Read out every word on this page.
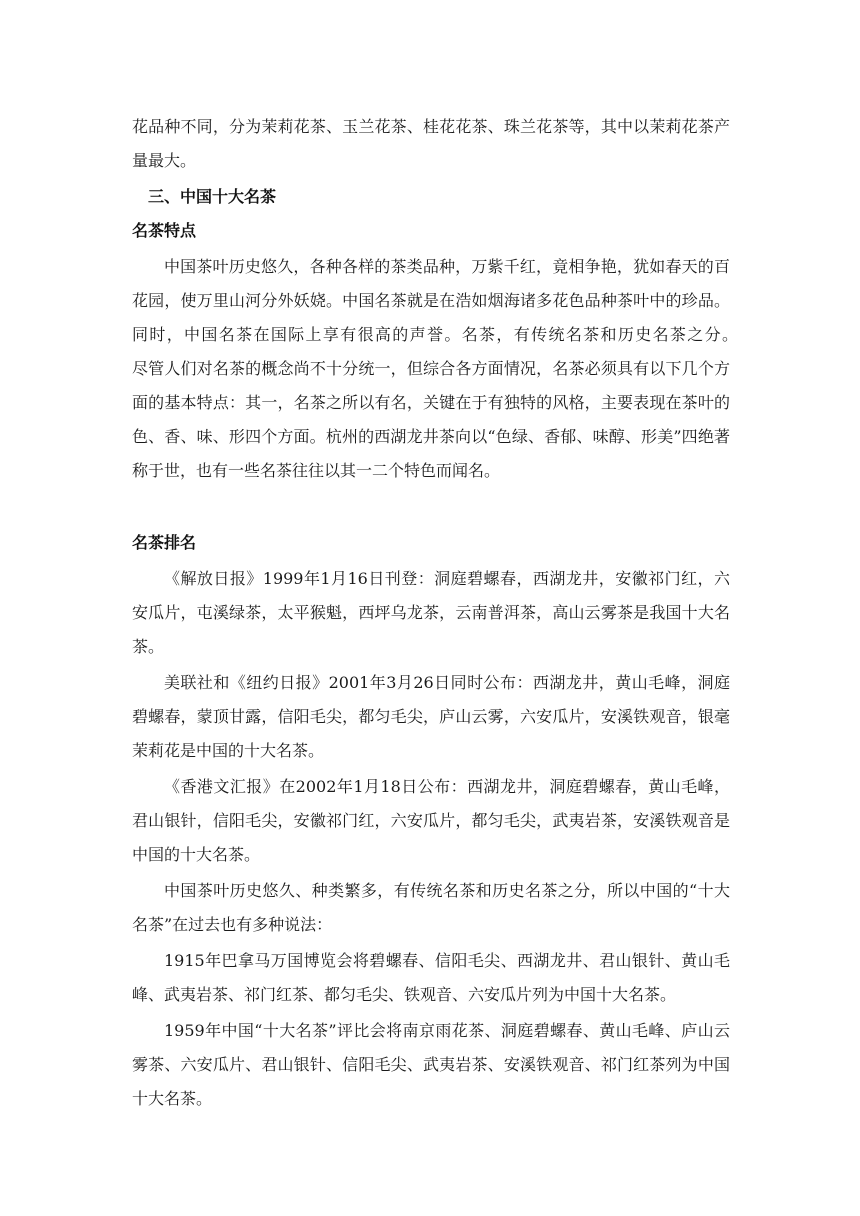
花品种不同，分为茉莉花茶、玉兰花茶、桂花花茶、珠兰花茶等，其中以茉莉花茶产量最大。
三、中国十大名茶
名茶特点
中国茶叶历史悠久，各种各样的茶类品种，万紫千红，竟相争艳，犹如春天的百花园，使万里山河分外妖娆。中国名茶就是在浩如烟海诸多花色品种茶叶中的珍品。同时，中国名茶在国际上享有很高的声誉。名茶，有传统名茶和历史名茶之分。　　尽管人们对名茶的概念尚不十分统一，但综合各方面情况，名茶必须具有以下几个方面的基本特点：其一，名茶之所以有名，关键在于有独特的风格，主要表现在茶叶的色、香、味、形四个方面。杭州的西湖龙井茶向以“色绿、香郁、味醇、形美”四绝著称于世，也有一些名茶往往以其一二个特色而闻名。
名茶排名
《解放日报》1999年1月16日刊登：洞庭碧螺春，西湖龙井，安徽祁门红，六安瓜片，屯溪绿茶，太平猴魁，西坪乌龙茶，云南普洱茶，高山云雾茶是我国十大名茶。
美联社和《纽约日报》2001年3月26日同时公布：西湖龙井，黄山毛峰，洞庭碧螺春，蒙顶甘露，信阳毛尖，都匀毛尖，庐山云雾，六安瓜片，安溪铁观音，银毫茉莉花是中国的十大名茶。
《香港文汇报》在2002年1月18日公布：西湖龙井，洞庭碧螺春，黄山毛峰，君山银针，信阳毛尖，安徽祁门红，六安瓜片，都匀毛尖，武夷岩茶，安溪铁观音是中国的十大名茶。
中国茶叶历史悠久、种类繁多，有传统名茶和历史名茶之分，所以中国的“十大名茶”在过去也有多种说法：
1915年巴拿马万国博览会将碧螺春、信阳毛尖、西湖龙井、君山银针、黄山毛峰、武夷岩茶、祁门红茶、都匀毛尖、铁观音、六安瓜片列为中国十大名茶。
1959年中国“十大名茶”评比会将南京雨花茶、洞庭碧螺春、黄山毛峰、庐山云雾茶、六安瓜片、君山银针、信阳毛尖、武夷岩茶、安溪铁观音、祁门红茶列为中国十大名茶。
